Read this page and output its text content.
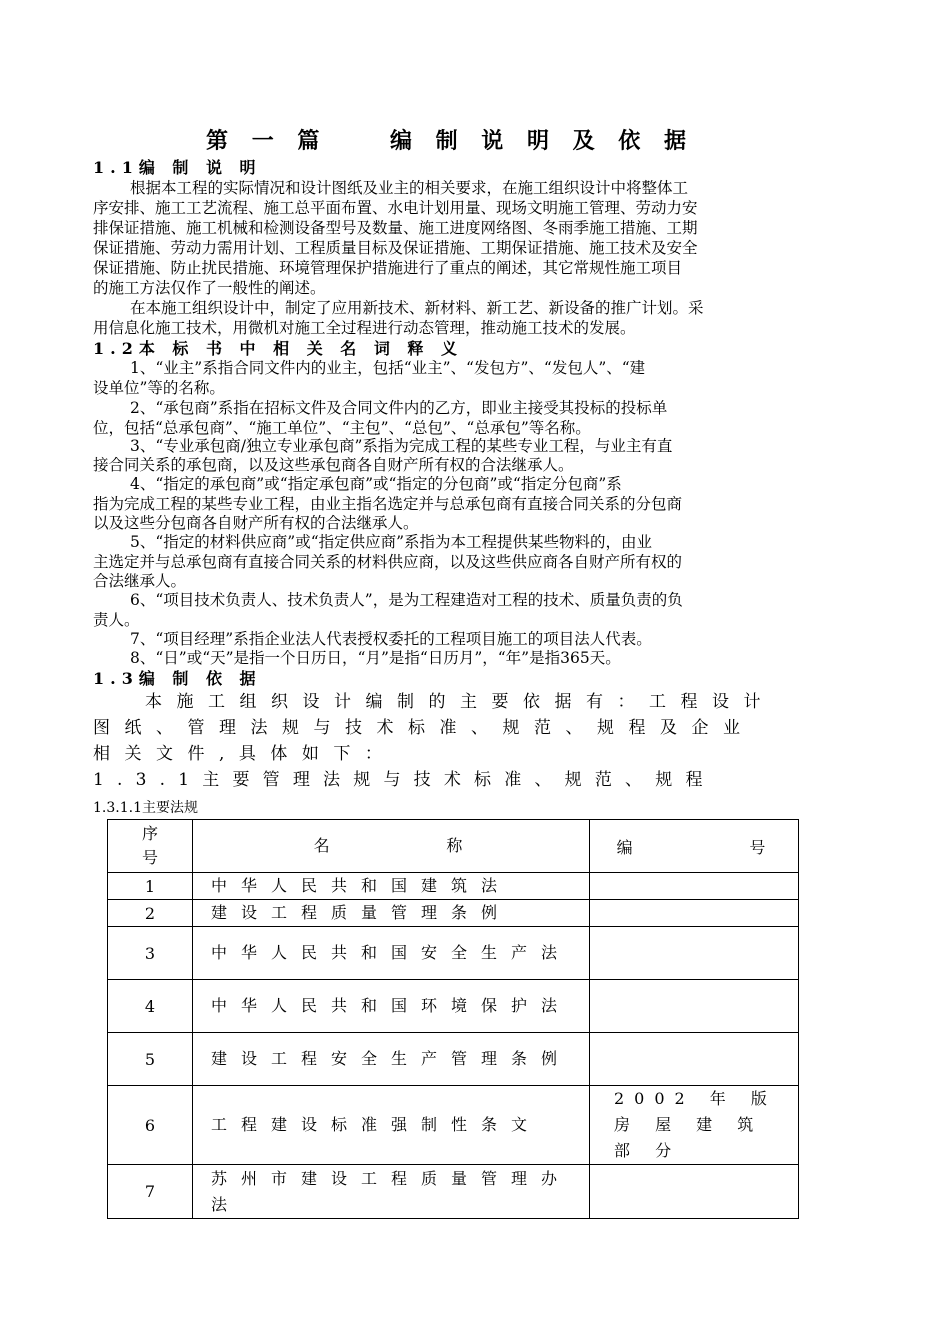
第 一 篇    编 制 说 明 及 依 据
1.1编 制 说 明
根据本工程的实际情况和设计图纸及业主的相关要求，在施工组织设计中将整体工
序安排、施工工艺流程、施工总平面布置、水电计划用量、现场文明施工管理、劳动力安
排保证措施、施工机械和检测设备型号及数量、施工进度网络图、冬雨季施工措施、工期
保证措施、劳动力需用计划、工程质量目标及保证措施、工期保证措施、施工技术及安全
保证措施、防止扰民措施、环境管理保护措施进行了重点的阐述，其它常规性施工项目
的施工方法仅作了一般性的阐述。
在本施工组织设计中，制定了应用新技术、新材料、新工艺、新设备的推广计划。采
用信息化施工技术，用微机对施工全过程进行动态管理，推动施工技术的发展。
1.2本 标 书 中 相 关 名 词 释 义
1、“业主”系指合同文件内的业主，包括“业主”、“发包方”、“发包人”、“建
设单位”等的名称。
2、“承包商”系指在招标文件及合同文件内的乙方，即业主接受其投标的投标单
位，包括“总承包商”、“施工单位”、“主包”、“总包”、“总承包”等名称。
3、“专业承包商/独立专业承包商”系指为完成工程的某些专业工程，与业主有直
接合同关系的承包商，以及这些承包商各自财产所有权的合法继承人。
4、“指定的承包商”或“指定承包商”或“指定的分包商”或“指定分包商”系
指为完成工程的某些专业工程，由业主指名选定并与总承包商有直接合同关系的分包商
以及这些分包商各自财产所有权的合法继承人。
5、“指定的材料供应商”或“指定供应商”系指为本工程提供某些物料的，由业
主选定并与总承包商有直接合同关系的材料供应商，以及这些供应商各自财产所有权的
合法继承人。
6、“项目技术负责人、技术负责人”，是为工程建造对工程的技术、质量负责的负
责人。
7、“项目经理”系指企业法人代表授权委托的工程项目施工的项目法人代表。
8、“日”或“天”是指一个日历日，“月”是指“日历月”，“年”是指365天。
1.3编 制 依 据
本施工组织设计编制的主要依据有：工程设计
图纸、管理法规与技术标准、规范、规程及企业
相关文件,具体如下：
1.3.1主要管理法规与技术标准、规范、规程
1.3.1.1主要法规
序号	名          称	编          号
1	中华人民共和国建筑法	
2	建设工程质量管理条例	
3	中华人民共和国安全生产法	
4	中华人民共和国环境保护法	
5	建设工程安全生产管理条例	
6	工程建设标准强制性条文	2002 年 版 房 屋 建 筑 部 分
7	苏州市建设工程质量管理办法	
